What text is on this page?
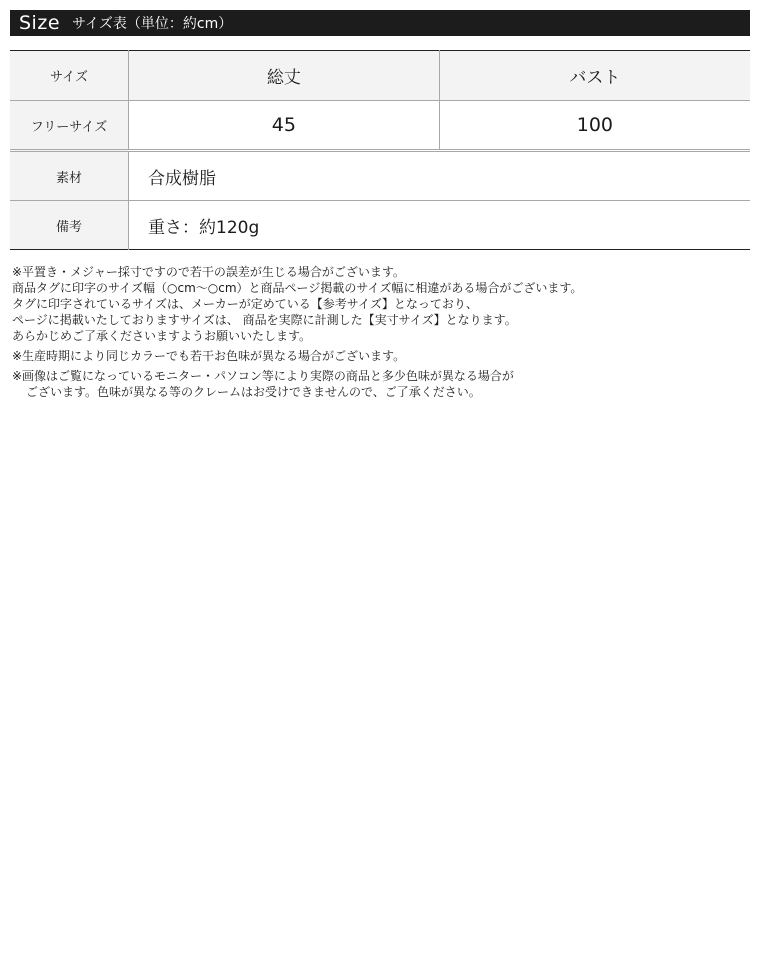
Size サイズ表（単位：約cm）
サイズ	総丈	バスト
フリーサイズ	45	100
素材	合成樹脂
備考	重さ：約120g

※平置き・メジャー採寸ですので若干の誤差が生じる場合がございます。

商品タグに印字のサイズ幅（○cm～○cm）と商品ページ掲載のサイズ幅に相違がある場合がございます。

タグに印字されているサイズは、メーカーが定めている【参考サイズ】となっており、

ページに掲載いたしておりますサイズは、 商品を実際に計測した【実寸サイズ】となります。

あらかじめご了承くださいますようお願いいたします。

※生産時期により同じカラーでも若干お色味が異なる場合がございます。

※画像はご覧になっているモニター・パソコン等により実際の商品と多少色味が異なる場合が

ございます。色味が異なる等のクレームはお受けできませんので、ご了承ください。
